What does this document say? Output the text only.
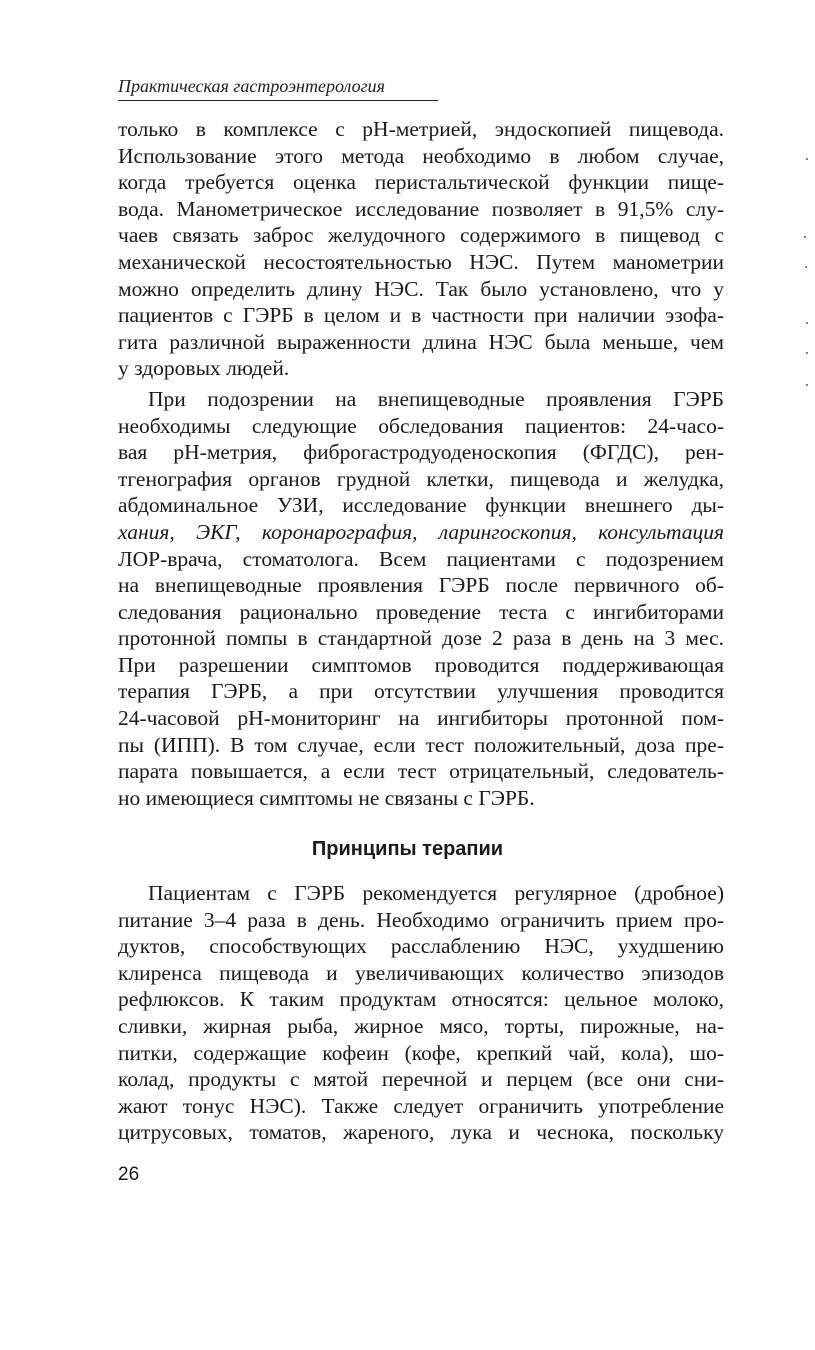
Практическая гастроэнтерология
только в комплексе с рН-метрией, эндоскопией пищевода.
Использование этого метода необходимо в любом случае,
когда требуется оценка перистальтической функции пище-
вода. Манометрическое исследование позволяет в 91,5% слу-
чаев связать заброс желудочного содержимого в пищевод с
механической несостоятельностью НЭС. Путем манометрии
можно определить длину НЭС. Так было установлено, что у
пациентов с ГЭРБ в целом и в частности при наличии эзофа-
гита различной выраженности длина НЭС была меньше, чем
у здоровых людей.
При подозрении на внепищеводные проявления ГЭРБ
необходимы следующие обследования пациентов: 24-часо-
вая рН-метрия, фиброгастродуоденоскопия (ФГДС), рен-
тгенография органов грудной клетки, пищевода и желудка,
абдоминальное УЗИ, исследование функции внешнего ды-
хания, ЭКГ, коронарография, ларингоскопия, консультация
ЛОР-врача, стоматолога. Всем пациентами с подозрением
на внепищеводные проявления ГЭРБ после первичного об-
следования рационально проведение теста с ингибиторами
протонной помпы в стандартной дозе 2 раза в день на 3 мес.
При разрешении симптомов проводится поддерживающая
терапия ГЭРБ, а при отсутствии улучшения проводится
24-часовой рН-мониторинг на ингибиторы протонной пом-
пы (ИПП). В том случае, если тест положительный, доза пре-
парата повышается, а если тест отрицательный, следователь-
но имеющиеся симптомы не связаны с ГЭРБ.
Принципы терапии
Пациентам с ГЭРБ рекомендуется регулярное (дробное)
питание 3–4 раза в день. Необходимо ограничить прием про-
дуктов, способствующих расслаблению НЭС, ухудшению
клиренса пищевода и увеличивающих количество эпизодов
рефлюксов. К таким продуктам относятся: цельное молоко,
сливки, жирная рыба, жирное мясо, торты, пирожные, на-
питки, содержащие кофеин (кофе, крепкий чай, кола), шо-
колад, продукты с мятой перечной и перцем (все они сни-
жают тонус НЭС). Также следует ограничить употребление
цитрусовых, томатов, жареного, лука и чеснока, поскольку
26
